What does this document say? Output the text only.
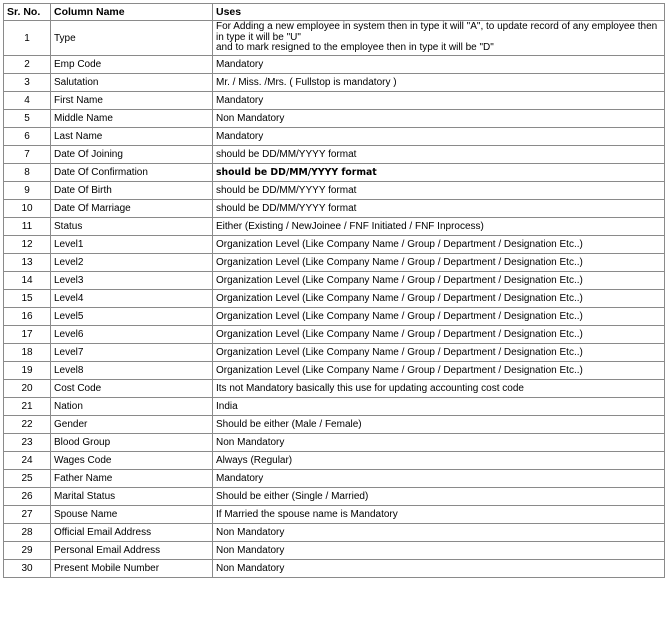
Sr. No.	Column Name	Uses
1	Type	For Adding a new employee in system then in type it will "A", to update record of any employee then in type it will be "U"
and to mark resigned to the employee then in type it will be "D"

2	Emp Code	Mandatory
3	Salutation	Mr. / Miss. /Mrs. ( Fullstop is mandatory )
4	First Name	Mandatory
5	Middle Name	Non Mandatory
6	Last Name	Mandatory
7	Date Of Joining	should be DD/MM/YYYY format
8	Date Of Confirmation	should be DD/MM/YYYY format
9	Date Of Birth	should be DD/MM/YYYY format
10	Date Of Marriage	should be DD/MM/YYYY format
11	Status	Either (Existing / NewJoinee / FNF Initiated / FNF Inprocess)
12	Level1	Organization Level (Like Company Name / Group / Department / Designation Etc..)
13	Level2	Organization Level (Like Company Name / Group / Department / Designation Etc..)
14	Level3	Organization Level (Like Company Name / Group / Department / Designation Etc..)
15	Level4	Organization Level (Like Company Name / Group / Department / Designation Etc..)
16	Level5	Organization Level (Like Company Name / Group / Department / Designation Etc..)
17	Level6	Organization Level (Like Company Name / Group / Department / Designation Etc..)
18	Level7	Organization Level (Like Company Name / Group / Department / Designation Etc..)
19	Level8	Organization Level (Like Company Name / Group / Department / Designation Etc..)
20	Cost Code	Its not Mandatory basically this use for updating accounting cost code
21	Nation	India
22	Gender	Should be either (Male / Female)
23	Blood Group	Non Mandatory
24	Wages Code	Always (Regular)
25	Father Name	Mandatory
26	Marital Status	Should be either (Single / Married)
27	Spouse Name	If Married the spouse name is Mandatory
28	Official Email Address	Non Mandatory
29	Personal Email Address	Non Mandatory
30	Present Mobile Number	Non Mandatory
